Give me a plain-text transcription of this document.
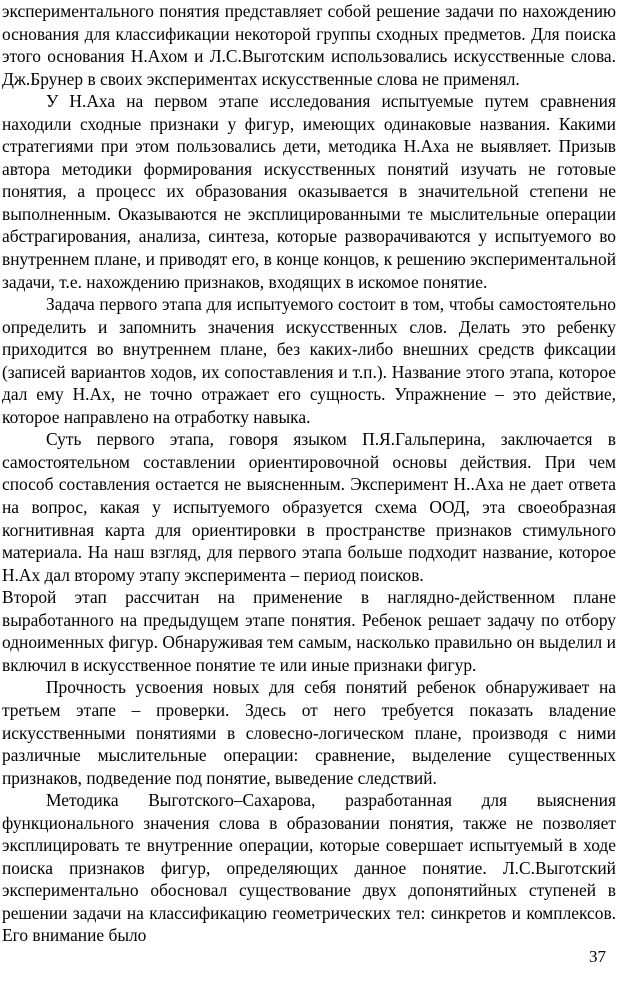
экспериментального понятия представляет собой решение задачи по нахождению основания для классификации некоторой группы сходных предметов. Для поиска этого основания Н.Ахом и Л.С.Выготским использовались искусственные слова. Дж.Брунер в своих экспериментах искусственные слова не применял.

У Н.Аха на первом этапе исследования испытуемые путем сравнения находили сходные признаки у фигур, имеющих одинаковые названия. Какими стратегиями при этом пользовались дети, методика Н.Аха не выявляет. Призыв автора методики формирования искусственных понятий изучать не готовые понятия, а процесс их образования оказывается в значительной степени не выполненным. Оказываются не эксплицированными те мыслительные операции абстрагирования, анализа, синтеза, которые разворачиваются у испытуемого во внутреннем плане, и приводят его, в конце концов, к решению экспериментальной задачи, т.е. нахождению признаков, входящих в искомое понятие.

Задача первого этапа для испытуемого состоит в том, чтобы самостоятельно определить и запомнить значения искусственных слов. Делать это ребенку приходится во внутреннем плане, без каких-либо внешних средств фиксации (записей вариантов ходов, их сопоставления и т.п.). Название этого этапа, которое дал ему Н.Ах, не точно отражает его сущность. Упражнение – это действие, которое направлено на отработку навыка.

Суть первого этапа, говоря языком П.Я.Гальперина, заключается в самостоятельном составлении ориентировочной основы действия. При чем способ составления остается не выясненным. Эксперимент Н..Аха не дает ответа на вопрос, какая у испытуемого образуется схема ООД, эта своеобразная когнитивная карта для ориентировки в пространстве признаков стимульного материала. На наш взгляд, для первого этапа больше подходит название, которое Н.Ах дал второму этапу эксперимента – период поисков.

Второй этап рассчитан на применение в наглядно-действенном плане выработанного на предыдущем этапе понятия. Ребенок решает задачу по отбору одноименных фигур. Обнаруживая тем самым, насколько правильно он выделил и включил в искусственное понятие те или иные признаки фигур.

Прочность усвоения новых для себя понятий ребенок обнаруживает на третьем этапе – проверки. Здесь от него требуется показать владение искусственными понятиями в словесно-логическом плане, производя с ними различные мыслительные операции: сравнение, выделение существенных признаков, подведение под понятие, выведение следствий.

Методика Выготского–Сахарова, разработанная для выяснения функционального значения слова в образовании понятия, также не позволяет эксплицировать те внутренние операции, которые совершает испытуемый в ходе поиска признаков фигур, определяющих данное понятие. Л.С.Выготский экспериментально обосновал существование двух допонятийных ступеней в решении задачи на классификацию геометрических тел: синкретов и комплексов. Его внимание было

37
